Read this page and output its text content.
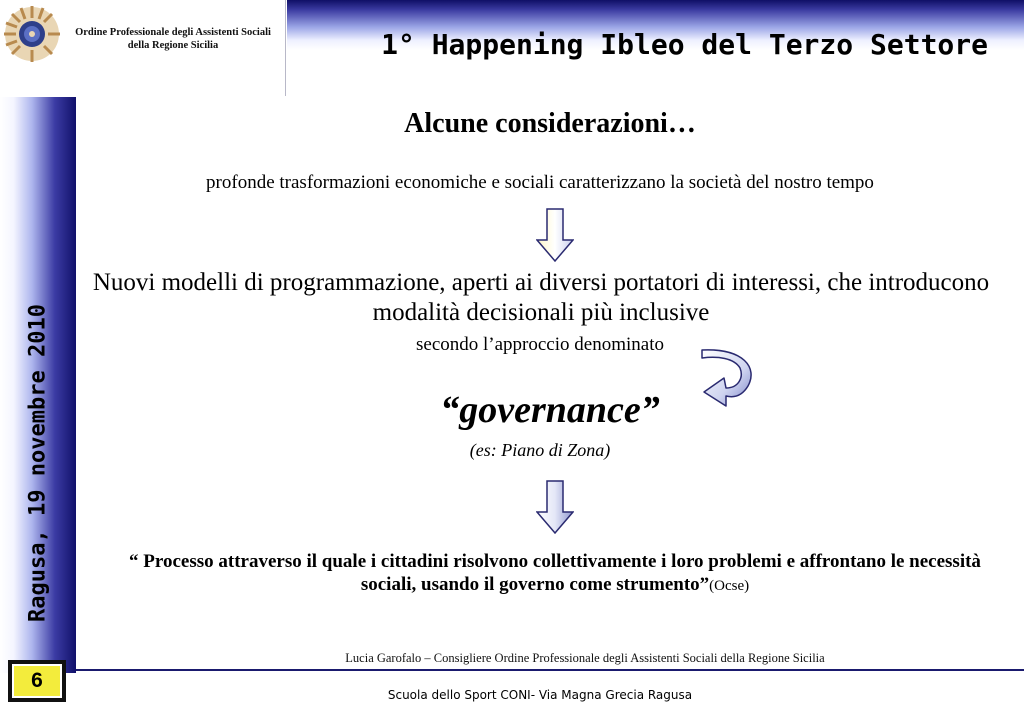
Ordine Professionale degli Assistenti Sociali
della Regione Sicilia	1° Happening Ibleo del Terzo Settore
Ragusa, 19 novembre 2010
Alcune considerazioni…
profonde trasformazioni economiche e sociali caratterizzano la società del nostro tempo
Nuovi modelli di programmazione, aperti ai diversi portatori di interessi, che introducono modalità decisionali più inclusive
secondo l’approccio denominato
“governance”
(es: Piano di Zona)
“ Processo attraverso il quale i cittadini risolvono collettivamente i loro problemi e affrontano le necessità sociali, usando il governo come strumento”(Ocse)
Lucia Garofalo – Consigliere Ordine Professionale degli Assistenti Sociali della Regione Sicilia
Scuola dello Sport CONI- Via Magna Grecia Ragusa
6
